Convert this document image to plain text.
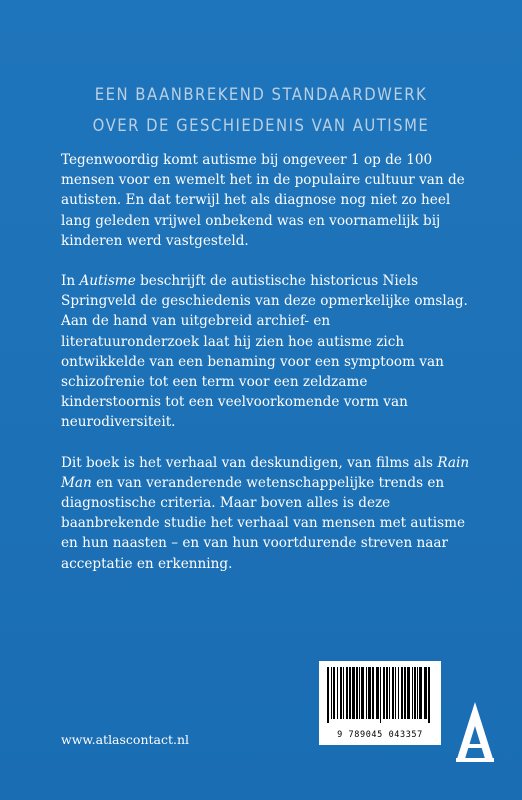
EEN BAANBREKEND STANDAARDWERK
OVER DE GESCHIEDENIS VAN AUTISME

Tegenwoordig komt autisme bij ongeveer 1 op de 100 mensen voor en wemelt het in de populaire cultuur van de autisten. En dat terwijl het als diagnose nog niet zo heel lang geleden vrijwel onbekend was en voornamelijk bij kinderen werd vastgesteld.

In Autisme beschrijft de autistische historicus Niels Springveld de geschiedenis van deze opmerkelijke omslag. Aan de hand van uitgebreid archief- en literatuuronderzoek laat hij zien hoe autisme zich ontwikkelde van een benaming voor een symptoom van schizofrenie tot een term voor een zeldzame kinderstoornis tot een veelvoorkomende vorm van neurodiversiteit.

Dit boek is het verhaal van deskundigen, van films als Rain Man en van veranderende wetenschappelijke trends en diagnostische criteria. Maar boven alles is deze baanbrekende studie het verhaal van mensen met autisme en hun naasten – en van hun voortdurende streven naar acceptatie en erkenning.

www.atlascontact.nl	9 789045 043357
